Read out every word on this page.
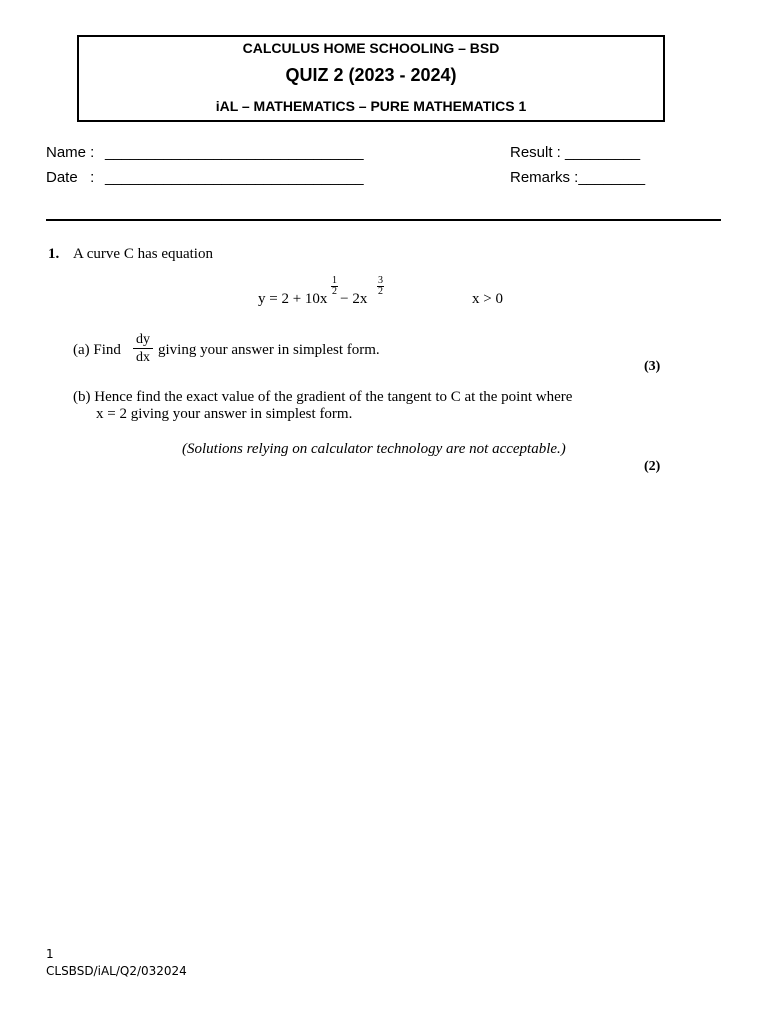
CALCULUS HOME SCHOOLING – BSD
QUIZ 2 (2023 - 2024)
iAL – MATHEMATICS – PURE MATHEMATICS 1
Name : _______________________________
Date   : _______________________________
Result : _________
Remarks :________
1. A curve C has equation
y = 2 + 10x − 2x
1
2
3
2	x > 0
(a) Find
dy
dx giving your answer in simplest form.
(3)
(b) Hence find the exact value of the gradient of the tangent to C at the point where
x = 2 giving your answer in simplest form.
(Solutions relying on calculator technology are not acceptable.)
(2)
1
CLSBSD/iAL/Q2/032024
